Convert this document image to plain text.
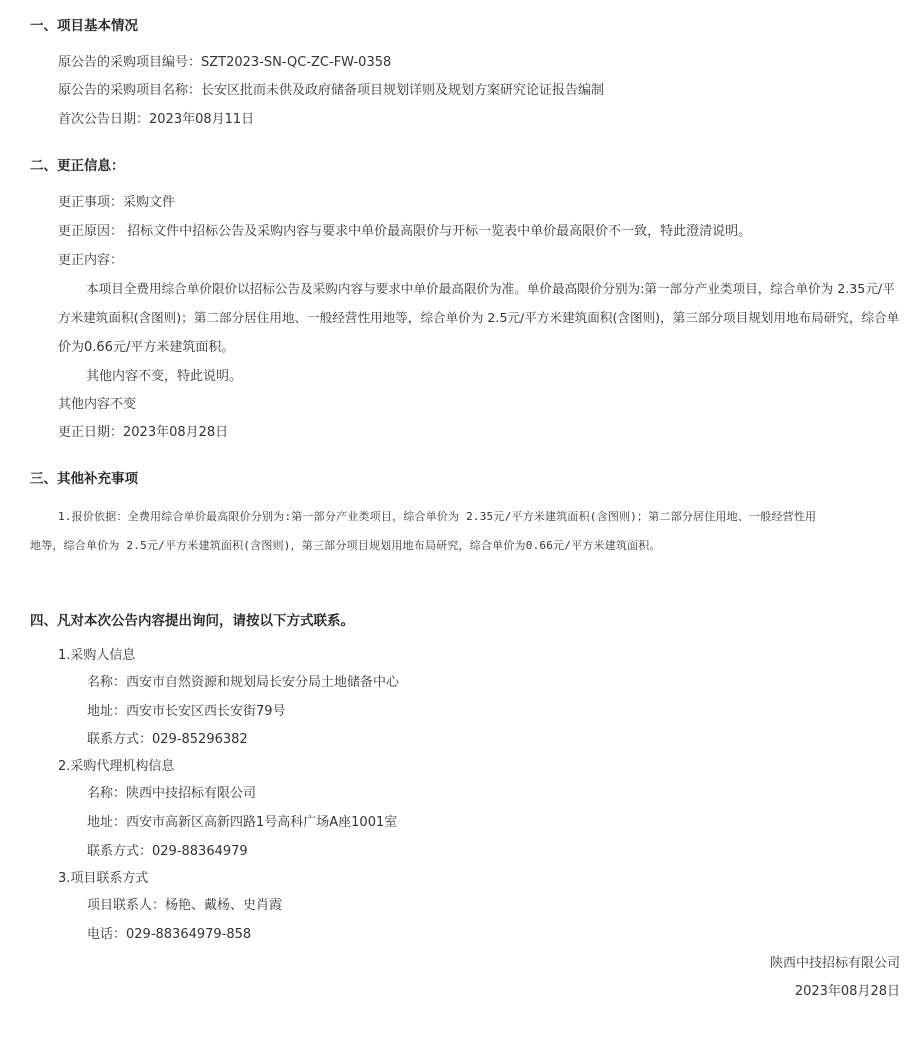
一、项目基本情况
原公告的采购项目编号：SZT2023-SN-QC-ZC-FW-0358
原公告的采购项目名称：长安区批而未供及政府储备项目规划详则及规划方案研究论证报告编制
首次公告日期：2023年08月11日
二、更正信息：
更正事项：采购文件
更正原因： 招标文件中招标公告及采购内容与要求中单价最高限价与开标一览表中单价最高限价不一致，特此澄清说明。
更正内容：
本项目全费用综合单价限价以招标公告及采购内容与要求中单价最高限价为准。单价最高限价分别为:第一部分产业类项目，综合单价为 2.35元/平
方米建筑面积(含图则)；第二部分居住用地、一般经营性用地等，综合单价为 2.5元/平方米建筑面积(含图则)，第三部分项目规划用地布局研究，综合单
价为0.66元/平方米建筑面积。
其他内容不变，特此说明。
其他内容不变
更正日期：2023年08月28日
三、其他补充事项
1.报价依据：全费用综合单价最高限价分别为:第一部分产业类项目，综合单价为 2.35元/平方米建筑面积(含图则)；第二部分居住用地、一般经营性用
地等，综合单价为 2.5元/平方米建筑面积(含图则)，第三部分项目规划用地布局研究，综合单价为0.66元/平方米建筑面积。
四、凡对本次公告内容提出询问，请按以下方式联系。
1.采购人信息
名称：西安市自然资源和规划局长安分局土地储备中心
地址：西安市长安区西长安街79号
联系方式：029-85296382
2.采购代理机构信息
名称：陕西中技招标有限公司
地址：西安市高新区高新四路1号高科广场A座1001室
联系方式：029-88364979
3.项目联系方式
项目联系人：杨艳、戴杨、史肖霞
电话：029-88364979-858
陕西中技招标有限公司
2023年08月28日
